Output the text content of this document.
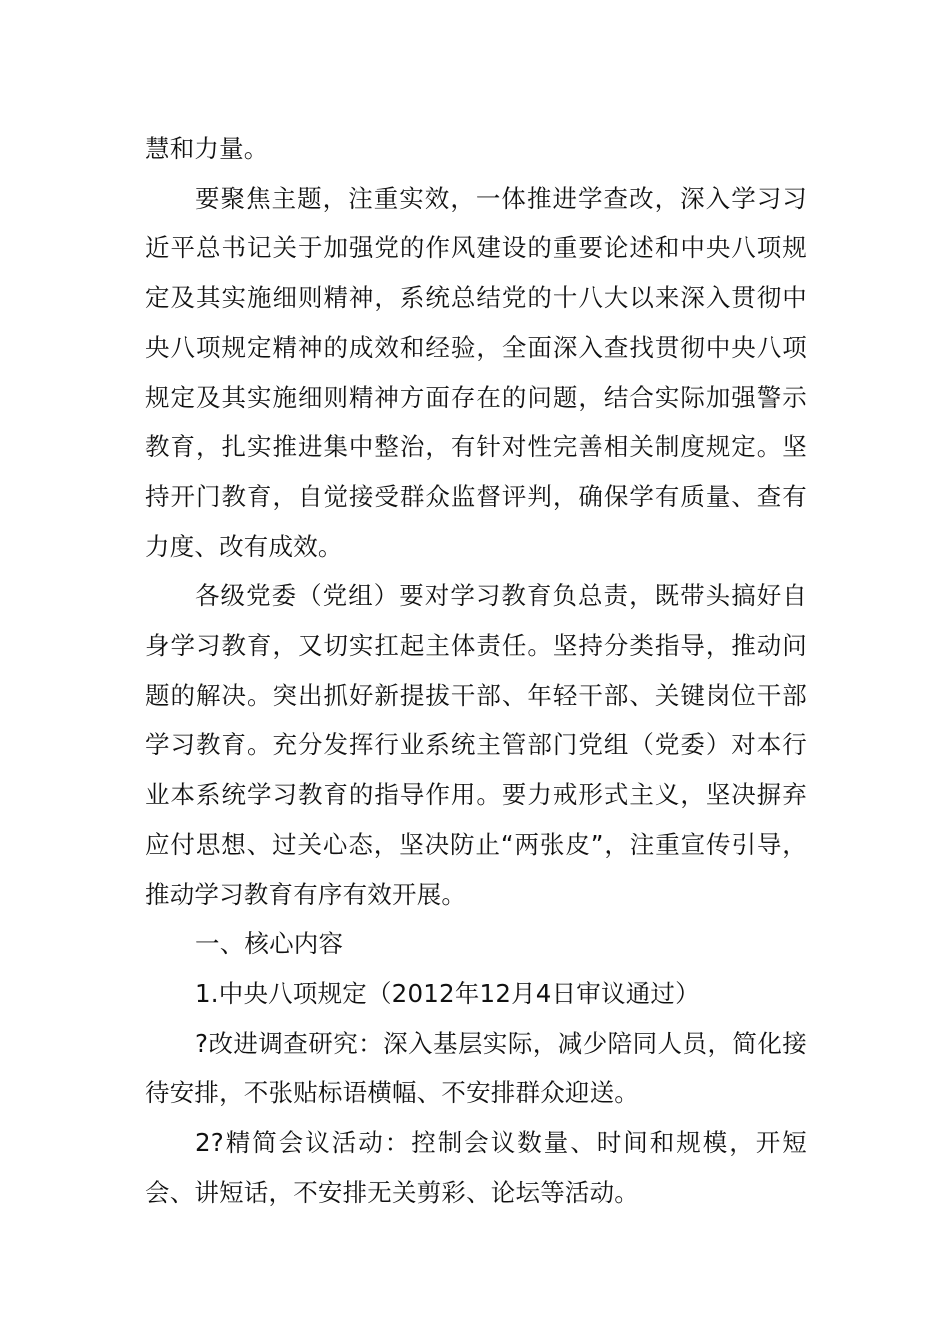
慧和力量。

要聚焦主题，注重实效，一体推进学查改，深入学习习近平总书记关于加强党的作风建设的重要论述和中央八项规定及其实施细则精神，系统总结党的十八大以来深入贯彻中央八项规定精神的成效和经验，全面深入查找贯彻中央八项规定及其实施细则精神方面存在的问题，结合实际加强警示教育，扎实推进集中整治，有针对性完善相关制度规定。坚持开门教育，自觉接受群众监督评判，确保学有质量、查有力度、改有成效。

各级党委（党组）要对学习教育负总责，既带头搞好自身学习教育，又切实扛起主体责任。坚持分类指导，推动问题的解决。突出抓好新提拔干部、年轻干部、关键岗位干部学习教育。充分发挥行业系统主管部门党组（党委）对本行业本系统学习教育的指导作用。要力戒形式主义，坚决摒弃应付思想、过关心态，坚决防止“两张皮”，注重宣传引导，推动学习教育有序有效开展。

一、核心内容

1.中央八项规定（2012年12月4日审议通过）

?改进调查研究：深入基层实际，减少陪同人员，简化接待安排，不张贴标语横幅、不安排群众迎送。

2?精简会议活动：控制会议数量、时间和规模，开短会、讲短话，不安排无关剪彩、论坛等活动。
